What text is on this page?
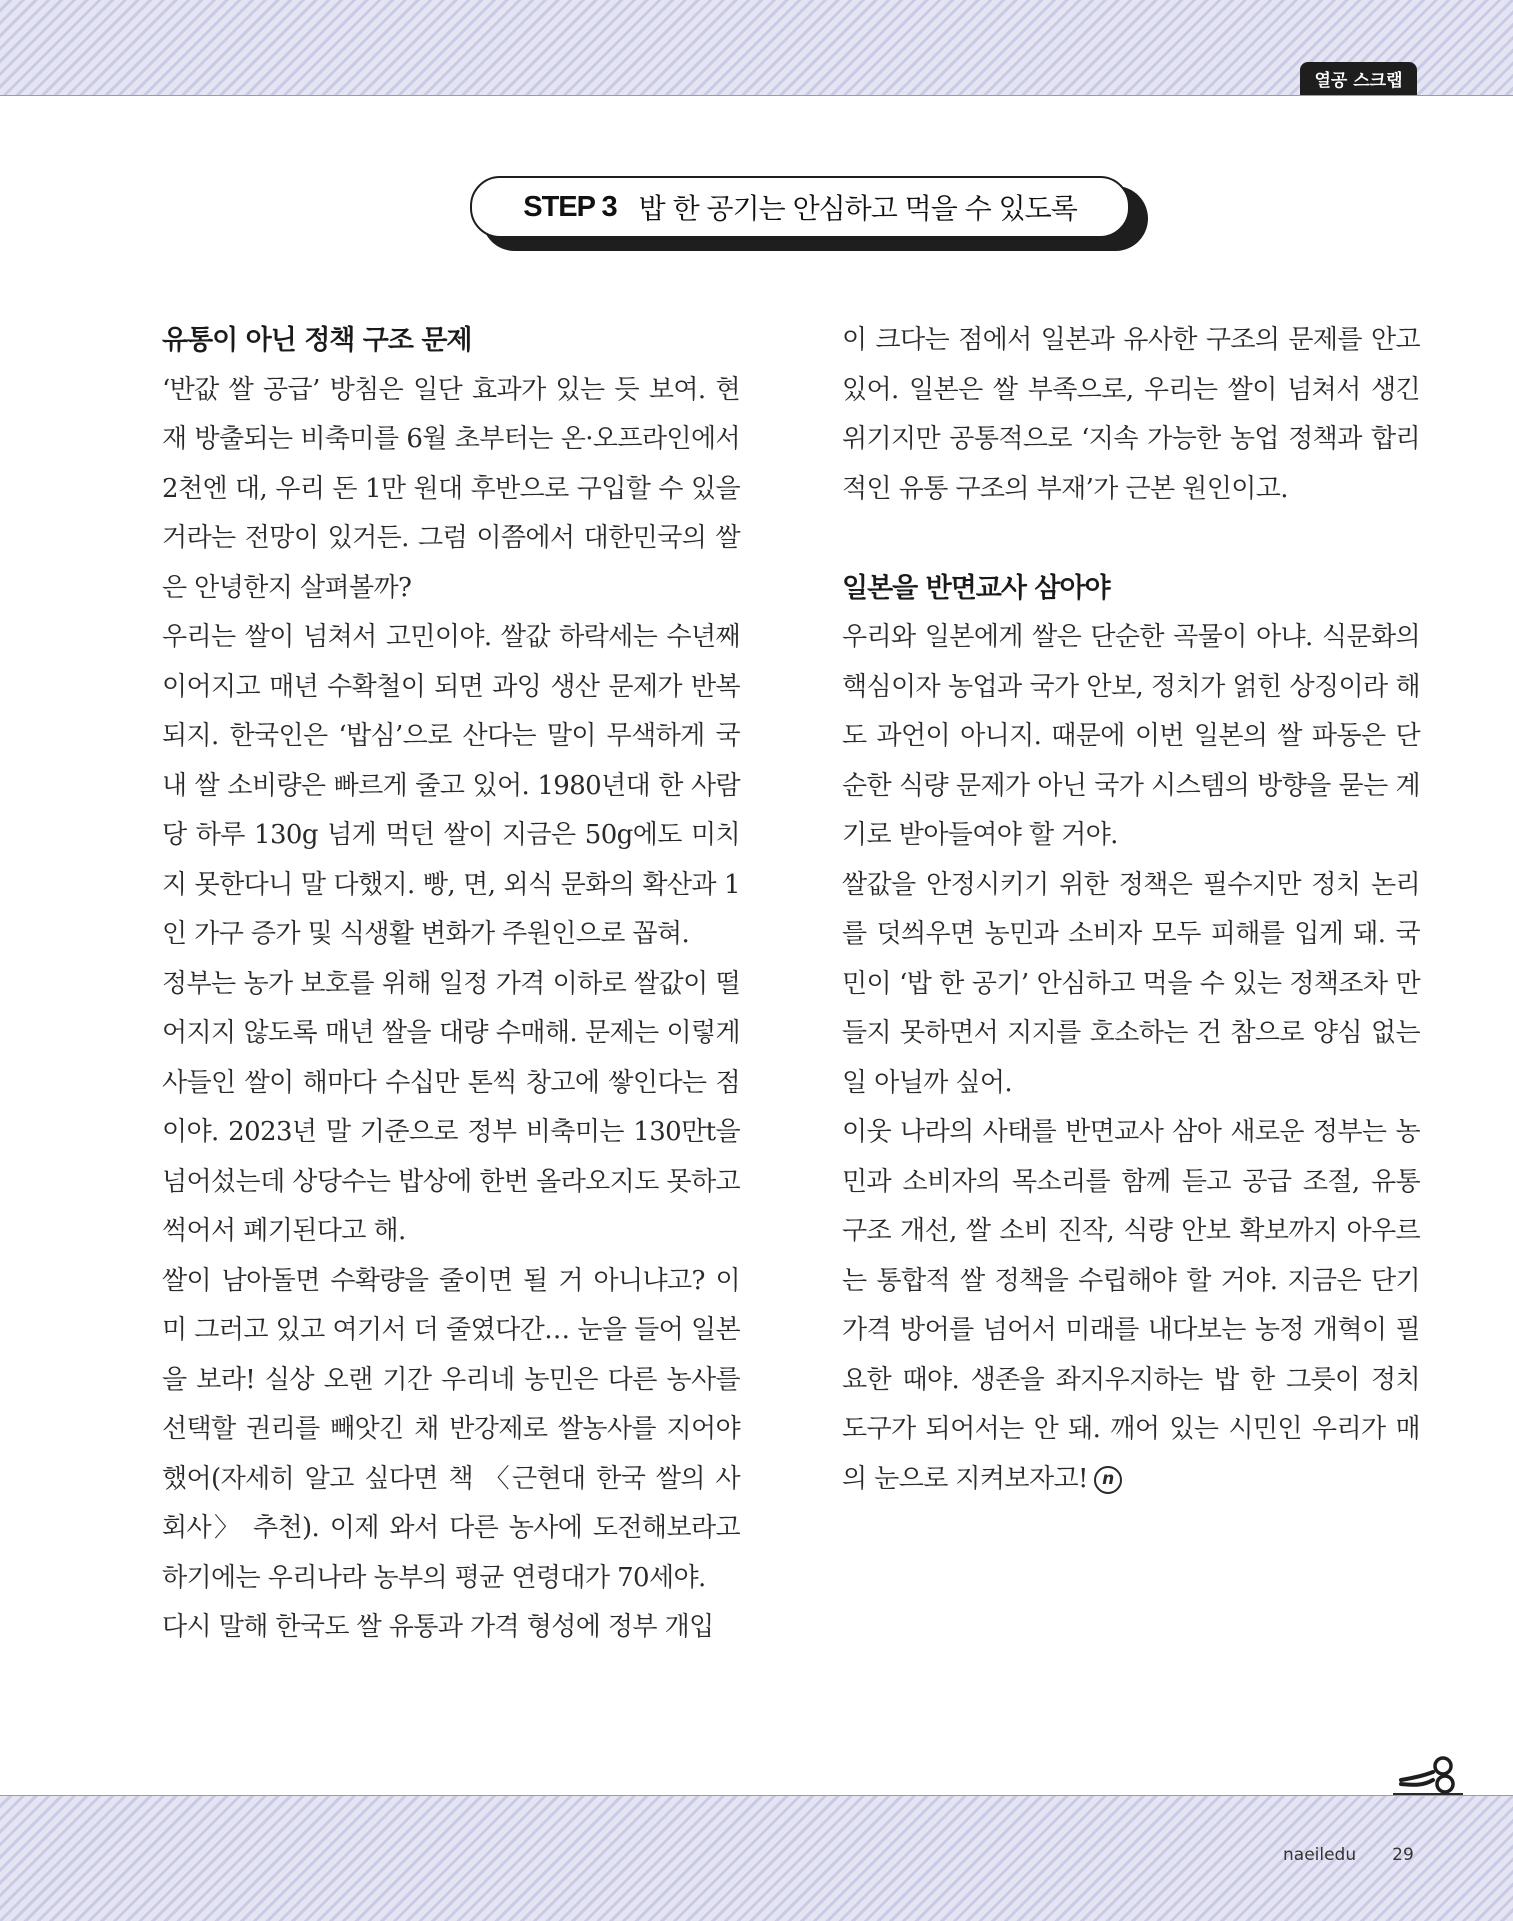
열공 스크랩
STEP 3 밥 한 공기는 안심하고 먹을 수 있도록
유통이 아닌 정책 구조 문제

‘반값 쌀 공급’ 방침은 일단 효과가 있는 듯 보여. 현재 방출되는 비축미를 6월 초부터는 온·오프라인에서 2천엔 대, 우리 돈 1만 원대 후반으로 구입할 수 있을 거라는 전망이 있거든. 그럼 이쯤에서 대한민국의 쌀은 안녕한지 살펴볼까?

우리는 쌀이 넘쳐서 고민이야. 쌀값 하락세는 수년째 이어지고 매년 수확철이 되면 과잉 생산 문제가 반복되지. 한국인은 ‘밥심’으로 산다는 말이 무색하게 국내 쌀 소비량은 빠르게 줄고 있어. 1980년대 한 사람당 하루 130g 넘게 먹던 쌀이 지금은 50g에도 미치지 못한다니 말 다했지. 빵, 면, 외식 문화의 확산과 1인 가구 증가 및 식생활 변화가 주원인으로 꼽혀.

정부는 농가 보호를 위해 일정 가격 이하로 쌀값이 떨어지지 않도록 매년 쌀을 대량 수매해. 문제는 이렇게 사들인 쌀이 해마다 수십만 톤씩 창고에 쌓인다는 점이야. 2023년 말 기준으로 정부 비축미는 130만t을 넘어섰는데 상당수는 밥상에 한번 올라오지도 못하고 썩어서 폐기된다고 해.

쌀이 남아돌면 수확량을 줄이면 될 거 아니냐고? 이미 그러고 있고 여기서 더 줄였다간… 눈을 들어 일본을 보라! 실상 오랜 기간 우리네 농민은 다른 농사를 선택할 권리를 빼앗긴 채 반강제로 쌀농사를 지어야 했어(자세히 알고 싶다면 책 〈근현대 한국 쌀의 사회사〉 추천). 이제 와서 다른 농사에 도전해보라고 하기에는 우리나라 농부의 평균 연령대가 70세야.

다시 말해 한국도 쌀 유통과 가격 형성에 정부 개입

이 크다는 점에서 일본과 유사한 구조의 문제를 안고 있어. 일본은 쌀 부족으로, 우리는 쌀이 넘쳐서 생긴 위기지만 공통적으로 ‘지속 가능한 농업 정책과 합리적인 유통 구조의 부재’가 근본 원인이고.

일본을 반면교사 삼아야

우리와 일본에게 쌀은 단순한 곡물이 아냐. 식문화의 핵심이자 농업과 국가 안보, 정치가 얽힌 상징이라 해도 과언이 아니지. 때문에 이번 일본의 쌀 파동은 단순한 식량 문제가 아닌 국가 시스템의 방향을 묻는 계기로 받아들여야 할 거야.

쌀값을 안정시키기 위한 정책은 필수지만 정치 논리를 덧씌우면 농민과 소비자 모두 피해를 입게 돼. 국민이 ‘밥 한 공기’ 안심하고 먹을 수 있는 정책조차 만들지 못하면서 지지를 호소하는 건 참으로 양심 없는 일 아닐까 싶어.

이웃 나라의 사태를 반면교사 삼아 새로운 정부는 농민과 소비자의 목소리를 함께 듣고 공급 조절, 유통 구조 개선, 쌀 소비 진작, 식량 안보 확보까지 아우르는 통합적 쌀 정책을 수립해야 할 거야. 지금은 단기 가격 방어를 넘어서 미래를 내다보는 농정 개혁이 필요한 때야. 생존을 좌지우지하는 밥 한 그릇이 정치 도구가 되어서는 안 돼. 깨어 있는 시민인 우리가 매의 눈으로 지켜보자고! n

naeiledu 29
